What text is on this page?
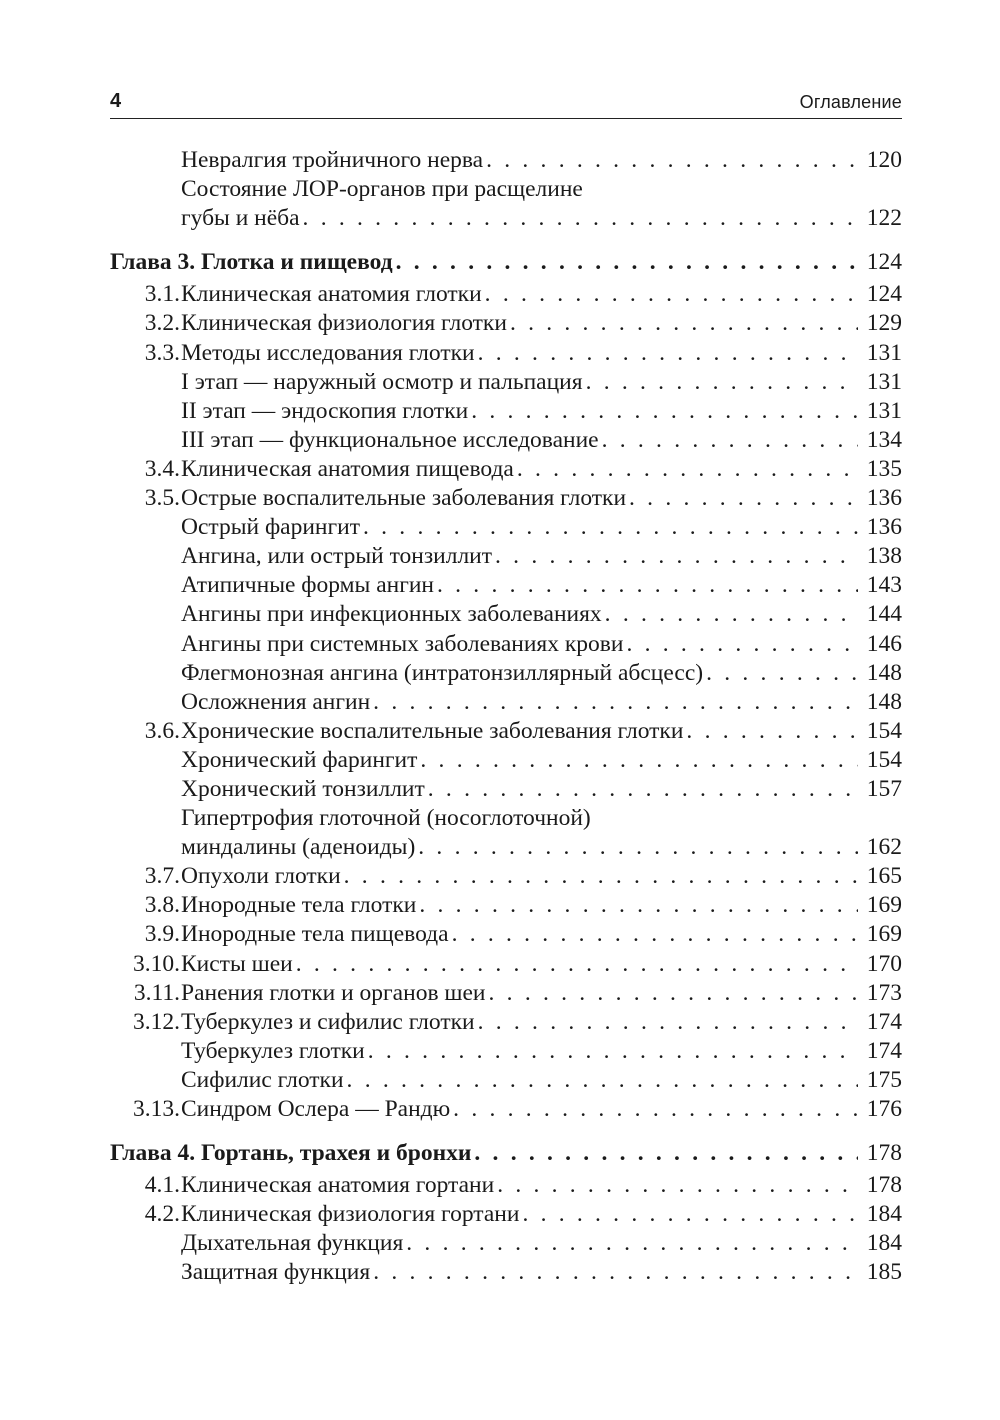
4	Оглавление
Невралгия тройничного нерва . . .	120
Состояние ЛОР-органов при расщелине
губы и нёба . . .	122
Глава 3. Глотка и пищевод . . .	124
3.1. Клиническая анатомия глотки . . .	124
3.2. Клиническая физиология глотки . . .	129
3.3. Методы исследования глотки . . .	131
I этап — наружный осмотр и пальпация . . .	131
II этап — эндоскопия глотки . . .	131
III этап — функциональное исследование . . .	134
3.4. Клиническая анатомия пищевода . . .	135
3.5. Острые воспалительные заболевания глотки . . .	136
Острый фарингит . . .	136
Ангина, или острый тонзиллит . . .	138
Атипичные формы ангин . . .	143
Ангины при инфекционных заболеваниях . . .	144
Ангины при системных заболеваниях крови . . .	146
Флегмонозная ангина (интратонзиллярный абсцесс) . . .	148
Осложнения ангин . . .	148
3.6. Хронические воспалительные заболевания глотки . . .	154
Хронический фарингит . . .	154
Хронический тонзиллит . . .	157
Гипертрофия глоточной (носоглоточной)
миндалины (аденоиды) . . .	162
3.7. Опухоли глотки . . .	165
3.8. Инородные тела глотки . . .	169
3.9. Инородные тела пищевода . . .	169
3.10. Кисты шеи . . .	170
3.11. Ранения глотки и органов шеи . . .	173
3.12. Туберкулез и сифилис глотки . . .	174
Туберкулез глотки . . .	174
Сифилис глотки . . .	175
3.13. Синдром Ослера — Рандю . . .	176
Глава 4. Гортань, трахея и бронхи . . .	178
4.1. Клиническая анатомия гортани . . .	178
4.2. Клиническая физиология гортани . . .	184
Дыхательная функция . . .	184
Защитная функция . . .	185
